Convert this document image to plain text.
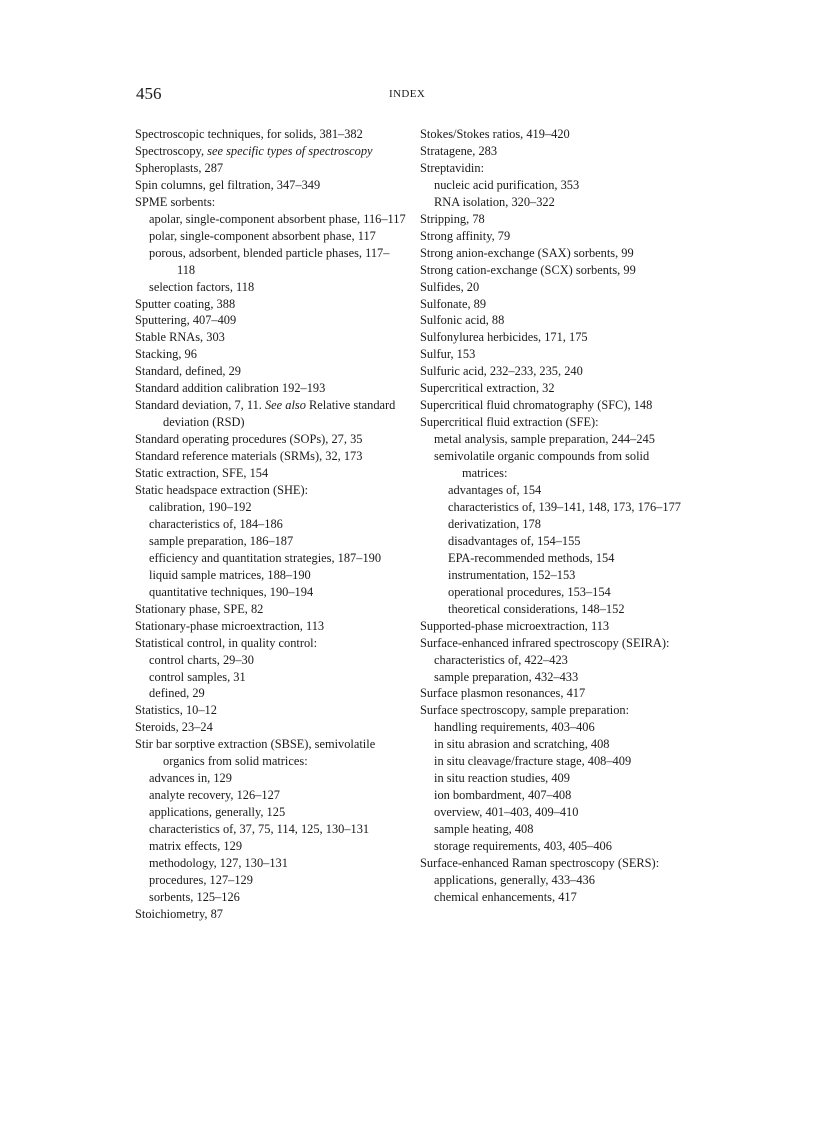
456	INDEX
Spectroscopic techniques, for solids, 381–382
Spectroscopy, see specific types of spectroscopy
Spheroplasts, 287
Spin columns, gel filtration, 347–349
SPME sorbents:
apolar, single-component absorbent phase, 116–117
polar, single-component absorbent phase, 117
porous, adsorbent, blended particle phases, 117–118
selection factors, 118
Sputter coating, 388
Sputtering, 407–409
Stable RNAs, 303
Stacking, 96
Standard, defined, 29
Standard addition calibration 192–193
Standard deviation, 7, 11. See also Relative standard deviation (RSD)
Standard operating procedures (SOPs), 27, 35
Standard reference materials (SRMs), 32, 173
Static extraction, SFE, 154
Static headspace extraction (SHE):
calibration, 190–192
characteristics of, 184–186
sample preparation, 186–187
efficiency and quantitation strategies, 187–190
liquid sample matrices, 188–190
quantitative techniques, 190–194
Stationary phase, SPE, 82
Stationary-phase microextraction, 113
Statistical control, in quality control:
control charts, 29–30
control samples, 31
defined, 29
Statistics, 10–12
Steroids, 23–24
Stir bar sorptive extraction (SBSE), semivolatile organics from solid matrices:
advances in, 129
analyte recovery, 126–127
applications, generally, 125
characteristics of, 37, 75, 114, 125, 130–131
matrix effects, 129
methodology, 127, 130–131
procedures, 127–129
sorbents, 125–126
Stoichiometry, 87
Stokes/Stokes ratios, 419–420
Stratagene, 283
Streptavidin:
nucleic acid purification, 353
RNA isolation, 320–322
Stripping, 78
Strong affinity, 79
Strong anion-exchange (SAX) sorbents, 99
Strong cation-exchange (SCX) sorbents, 99
Sulfides, 20
Sulfonate, 89
Sulfonic acid, 88
Sulfonylurea herbicides, 171, 175
Sulfur, 153
Sulfuric acid, 232–233, 235, 240
Supercritical extraction, 32
Supercritical fluid chromatography (SFC), 148
Supercritical fluid extraction (SFE):
metal analysis, sample preparation, 244–245
semivolatile organic compounds from solid matrices:
advantages of, 154
characteristics of, 139–141, 148, 173, 176–177
derivatization, 178
disadvantages of, 154–155
EPA-recommended methods, 154
instrumentation, 152–153
operational procedures, 153–154
theoretical considerations, 148–152
Supported-phase microextraction, 113
Surface-enhanced infrared spectroscopy (SEIRA):
characteristics of, 422–423
sample preparation, 432–433
Surface plasmon resonances, 417
Surface spectroscopy, sample preparation:
handling requirements, 403–406
in situ abrasion and scratching, 408
in situ cleavage/fracture stage, 408–409
in situ reaction studies, 409
ion bombardment, 407–408
overview, 401–403, 409–410
sample heating, 408
storage requirements, 403, 405–406
Surface-enhanced Raman spectroscopy (SERS):
applications, generally, 433–436
chemical enhancements, 417
